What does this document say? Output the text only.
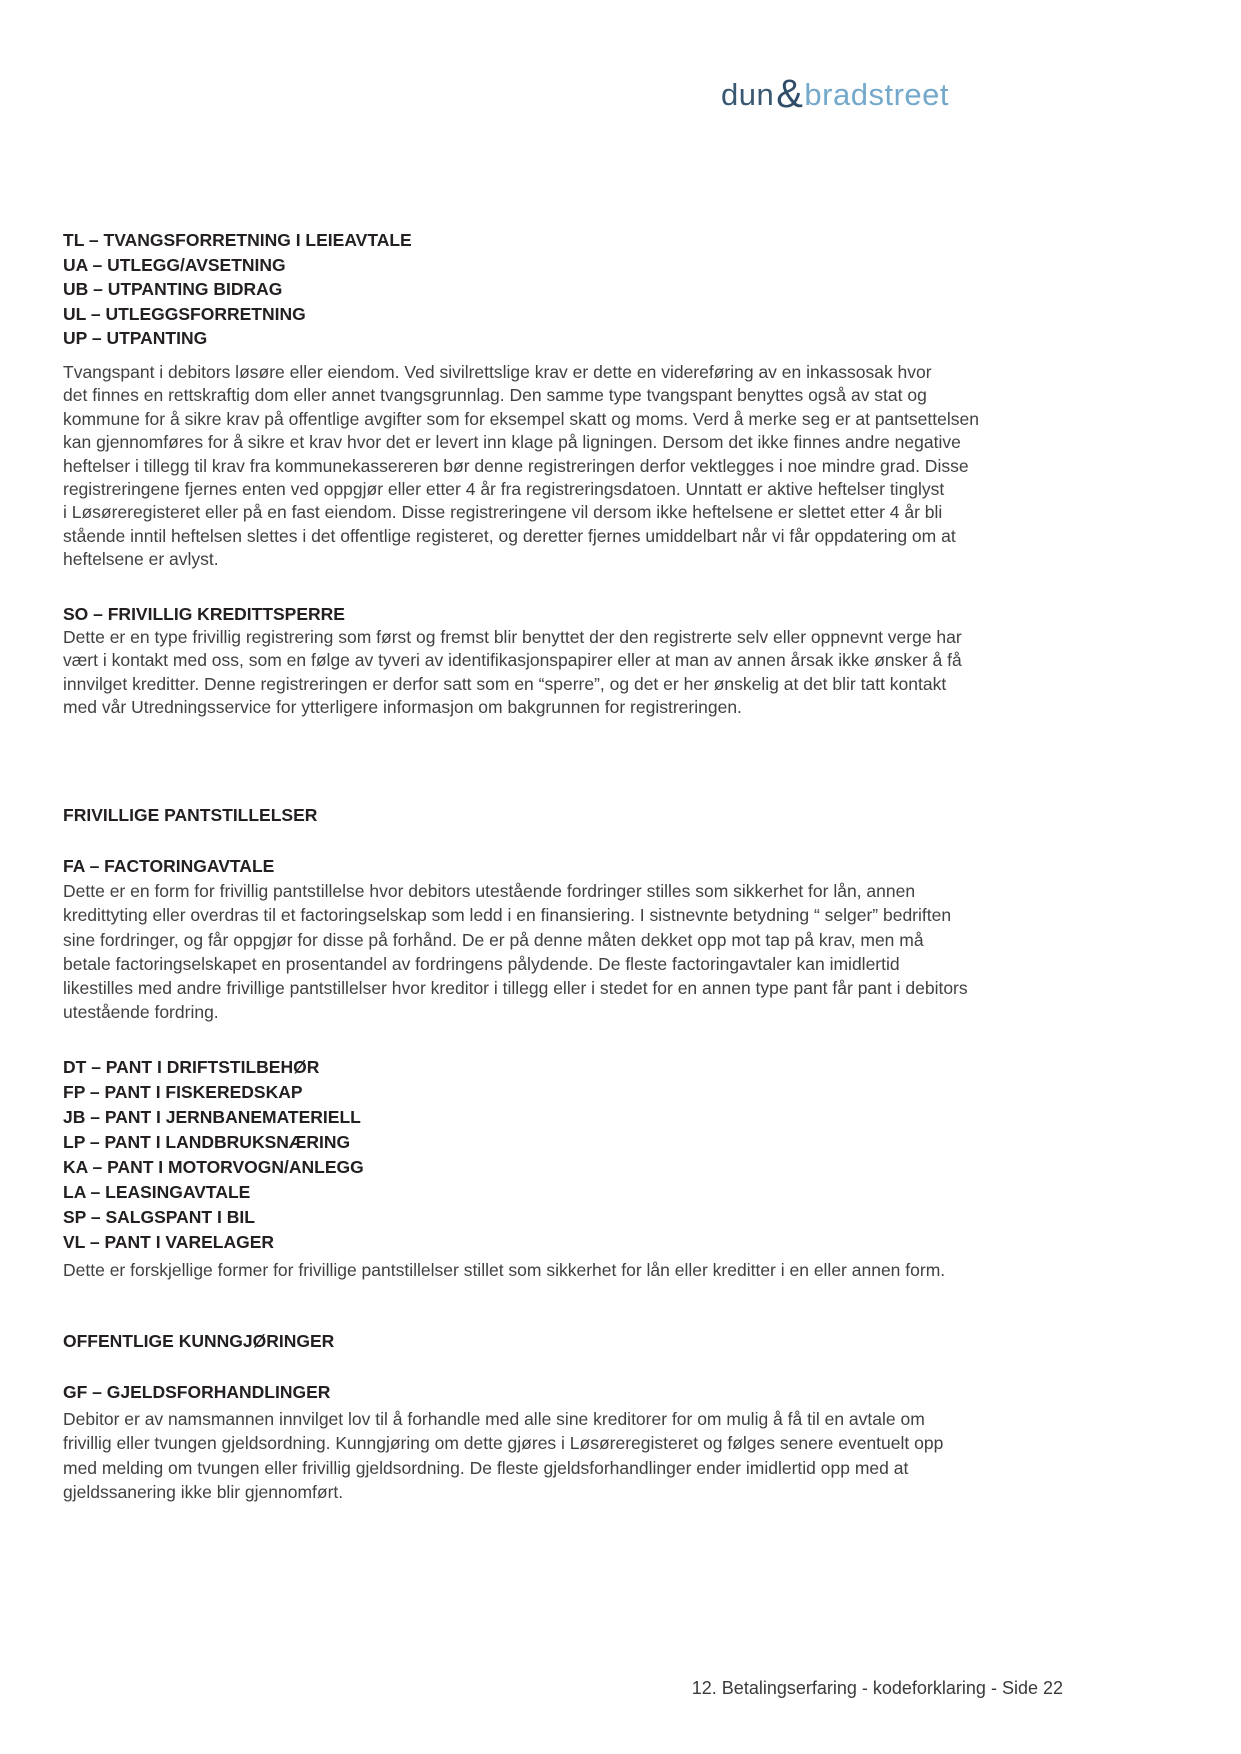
dun & bradstreet
TL – TVANGSFORRETNING I LEIEAVTALE
UA – UTLEGG/AVSETNING
UB – UTPANTING BIDRAG
UL – UTLEGGSFORRETNING
UP – UTPANTING
Tvangspant i debitors løsøre eller eiendom. Ved sivilrettslige krav er dette en videreføring av en inkassosak hvor
det finnes en rettskraftig dom eller annet tvangsgrunnlag. Den samme type tvangspant benyttes også av stat og
kommune for å sikre krav på offentlige avgifter som for eksempel skatt og moms. Verd å merke seg er at pantsettelsen
kan gjennomføres for å sikre et krav hvor det er levert inn klage på ligningen. Dersom det ikke finnes andre negative
heftelser i tillegg til krav fra kommunekassereren bør denne registreringen derfor vektlegges i noe mindre grad. Disse
registreringene fjernes enten ved oppgjør eller etter 4 år fra registreringsdatoen. Unntatt er aktive heftelser tinglyst
i Løsøreregisteret eller på en fast eiendom. Disse registreringene vil dersom ikke heftelsene er slettet etter 4 år bli
stående inntil heftelsen slettes i det offentlige registeret, og deretter fjernes umiddelbart når vi får oppdatering om at
heftelsene er avlyst.
SO – FRIVILLIG KREDITTSPERRE
Dette er en type frivillig registrering som først og fremst blir benyttet der den registrerte selv eller oppnevnt verge har
vært i kontakt med oss, som en følge av tyveri av identifikasjonspapirer eller at man av annen årsak ikke ønsker å få
innvilget kreditter. Denne registreringen er derfor satt som en “sperre”, og det er her ønskelig at det blir tatt kontakt
med vår Utredningsservice for ytterligere informasjon om bakgrunnen for registreringen.
FRIVILLIGE PANTSTILLELSER
FA – FACTORINGAVTALE
Dette er en form for frivillig pantstillelse hvor debitors utestående fordringer stilles som sikkerhet for lån, annen
kredittyting eller overdras til et factoringselskap som ledd i en finansiering. I sistnevnte betydning “ selger” bedriften
sine fordringer, og får oppgjør for disse på forhånd. De er på denne måten dekket opp mot tap på krav, men må
betale factoringselskapet en prosentandel av fordringens pålydende. De fleste factoringavtaler kan imidlertid
likestilles med andre frivillige pantstillelser hvor kreditor i tillegg eller i stedet for en annen type pant får pant i debitors
utestående fordring.
DT – PANT I DRIFTSTILBEHØR
FP – PANT I FISKEREDSKAP
JB – PANT I JERNBANEMATERIELL
LP – PANT I LANDBRUKSNÆRING
KA – PANT I MOTORVOGN/ANLEGG
LA – LEASINGAVTALE
SP – SALGSPANT I BIL
VL – PANT I VARELAGER
Dette er forskjellige former for frivillige pantstillelser stillet som sikkerhet for lån eller kreditter i en eller annen form.
OFFENTLIGE KUNNGJØRINGER
GF – GJELDSFORHANDLINGER
Debitor er av namsmannen innvilget lov til å forhandle med alle sine kreditorer for om mulig å få til en avtale om
frivillig eller tvungen gjeldsordning. Kunngjøring om dette gjøres i Løsøreregisteret og følges senere eventuelt opp
med melding om tvungen eller frivillig gjeldsordning. De fleste gjeldsforhandlinger ender imidlertid opp med at
gjeldssanering ikke blir gjennomført.
12. Betalingserfaring - kodeforklaring - Side 22
